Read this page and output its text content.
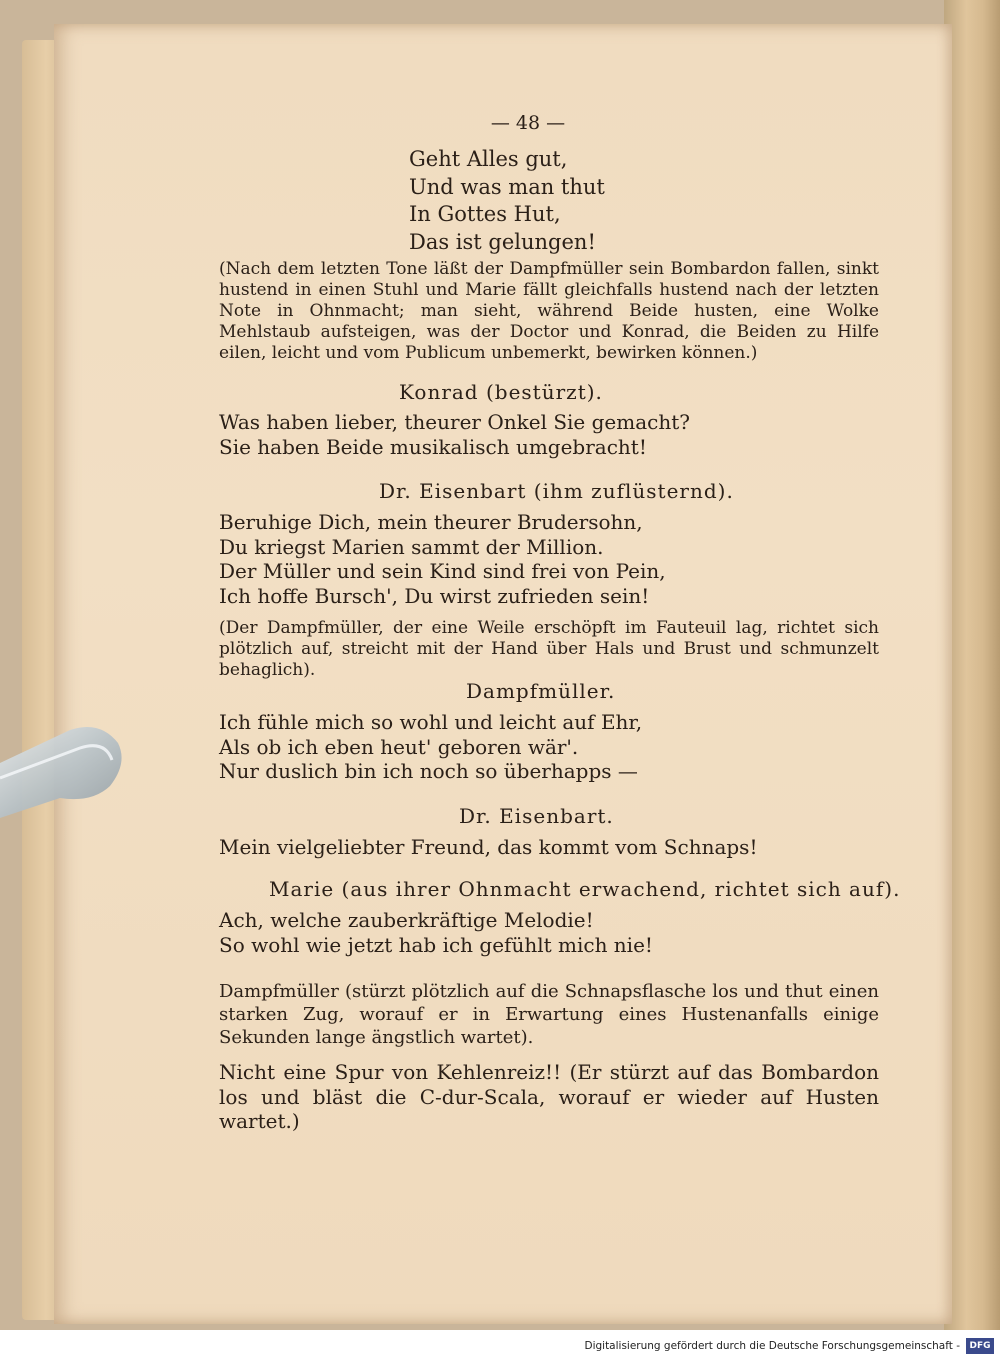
— 48 —
Geht Alles gut,
Und was man thut
In Gottes Hut,
Das ist gelungen!
(Nach dem letzten Tone läßt der Dampfmüller sein Bombardon fallen, sinkt hustend in einen Stuhl und Marie fällt gleichfalls hustend nach der letzten Note in Ohnmacht; man sieht, während Beide husten, eine Wolke Mehlstaub aufsteigen, was der Doctor und Konrad, die Beiden zu Hilfe eilen, leicht und vom Publicum unbemerkt, bewirken können.)
Konrad (bestürzt).
Was haben lieber, theurer Onkel Sie gemacht?
Sie haben Beide musikalisch umgebracht!
Dr. Eisenbart (ihm zuflüsternd).
Beruhige Dich, mein theurer Brudersohn,
Du kriegst Marien sammt der Million.
Der Müller und sein Kind sind frei von Pein,
Ich hoffe Bursch', Du wirst zufrieden sein!
(Der Dampfmüller, der eine Weile erschöpft im Fauteuil lag, richtet sich plötzlich auf, streicht mit der Hand über Hals und Brust und schmunzelt behaglich).
Dampfmüller.
Ich fühle mich so wohl und leicht auf Ehr,
Als ob ich eben heut' geboren wär'.
Nur duslich bin ich noch so überhapps —
Dr. Eisenbart.
Mein vielgeliebter Freund, das kommt vom Schnaps!
Marie (aus ihrer Ohnmacht erwachend, richtet sich auf).
Ach, welche zauberkräftige Melodie!
So wohl wie jetzt hab ich gefühlt mich nie!
Dampfmüller (stürzt plötzlich auf die Schnapsflasche los und thut einen starken Zug, worauf er in Erwartung eines Hustenanfalls einige Sekunden lange ängstlich wartet).
Nicht eine Spur von Kehlenreiz!! (Er stürzt auf das Bombardon los und bläst die C-dur-Scala, worauf er wieder auf Husten wartet.)
Digitalisierung gefördert durch die Deutsche Forschungsgemeinschaft -	DFG
